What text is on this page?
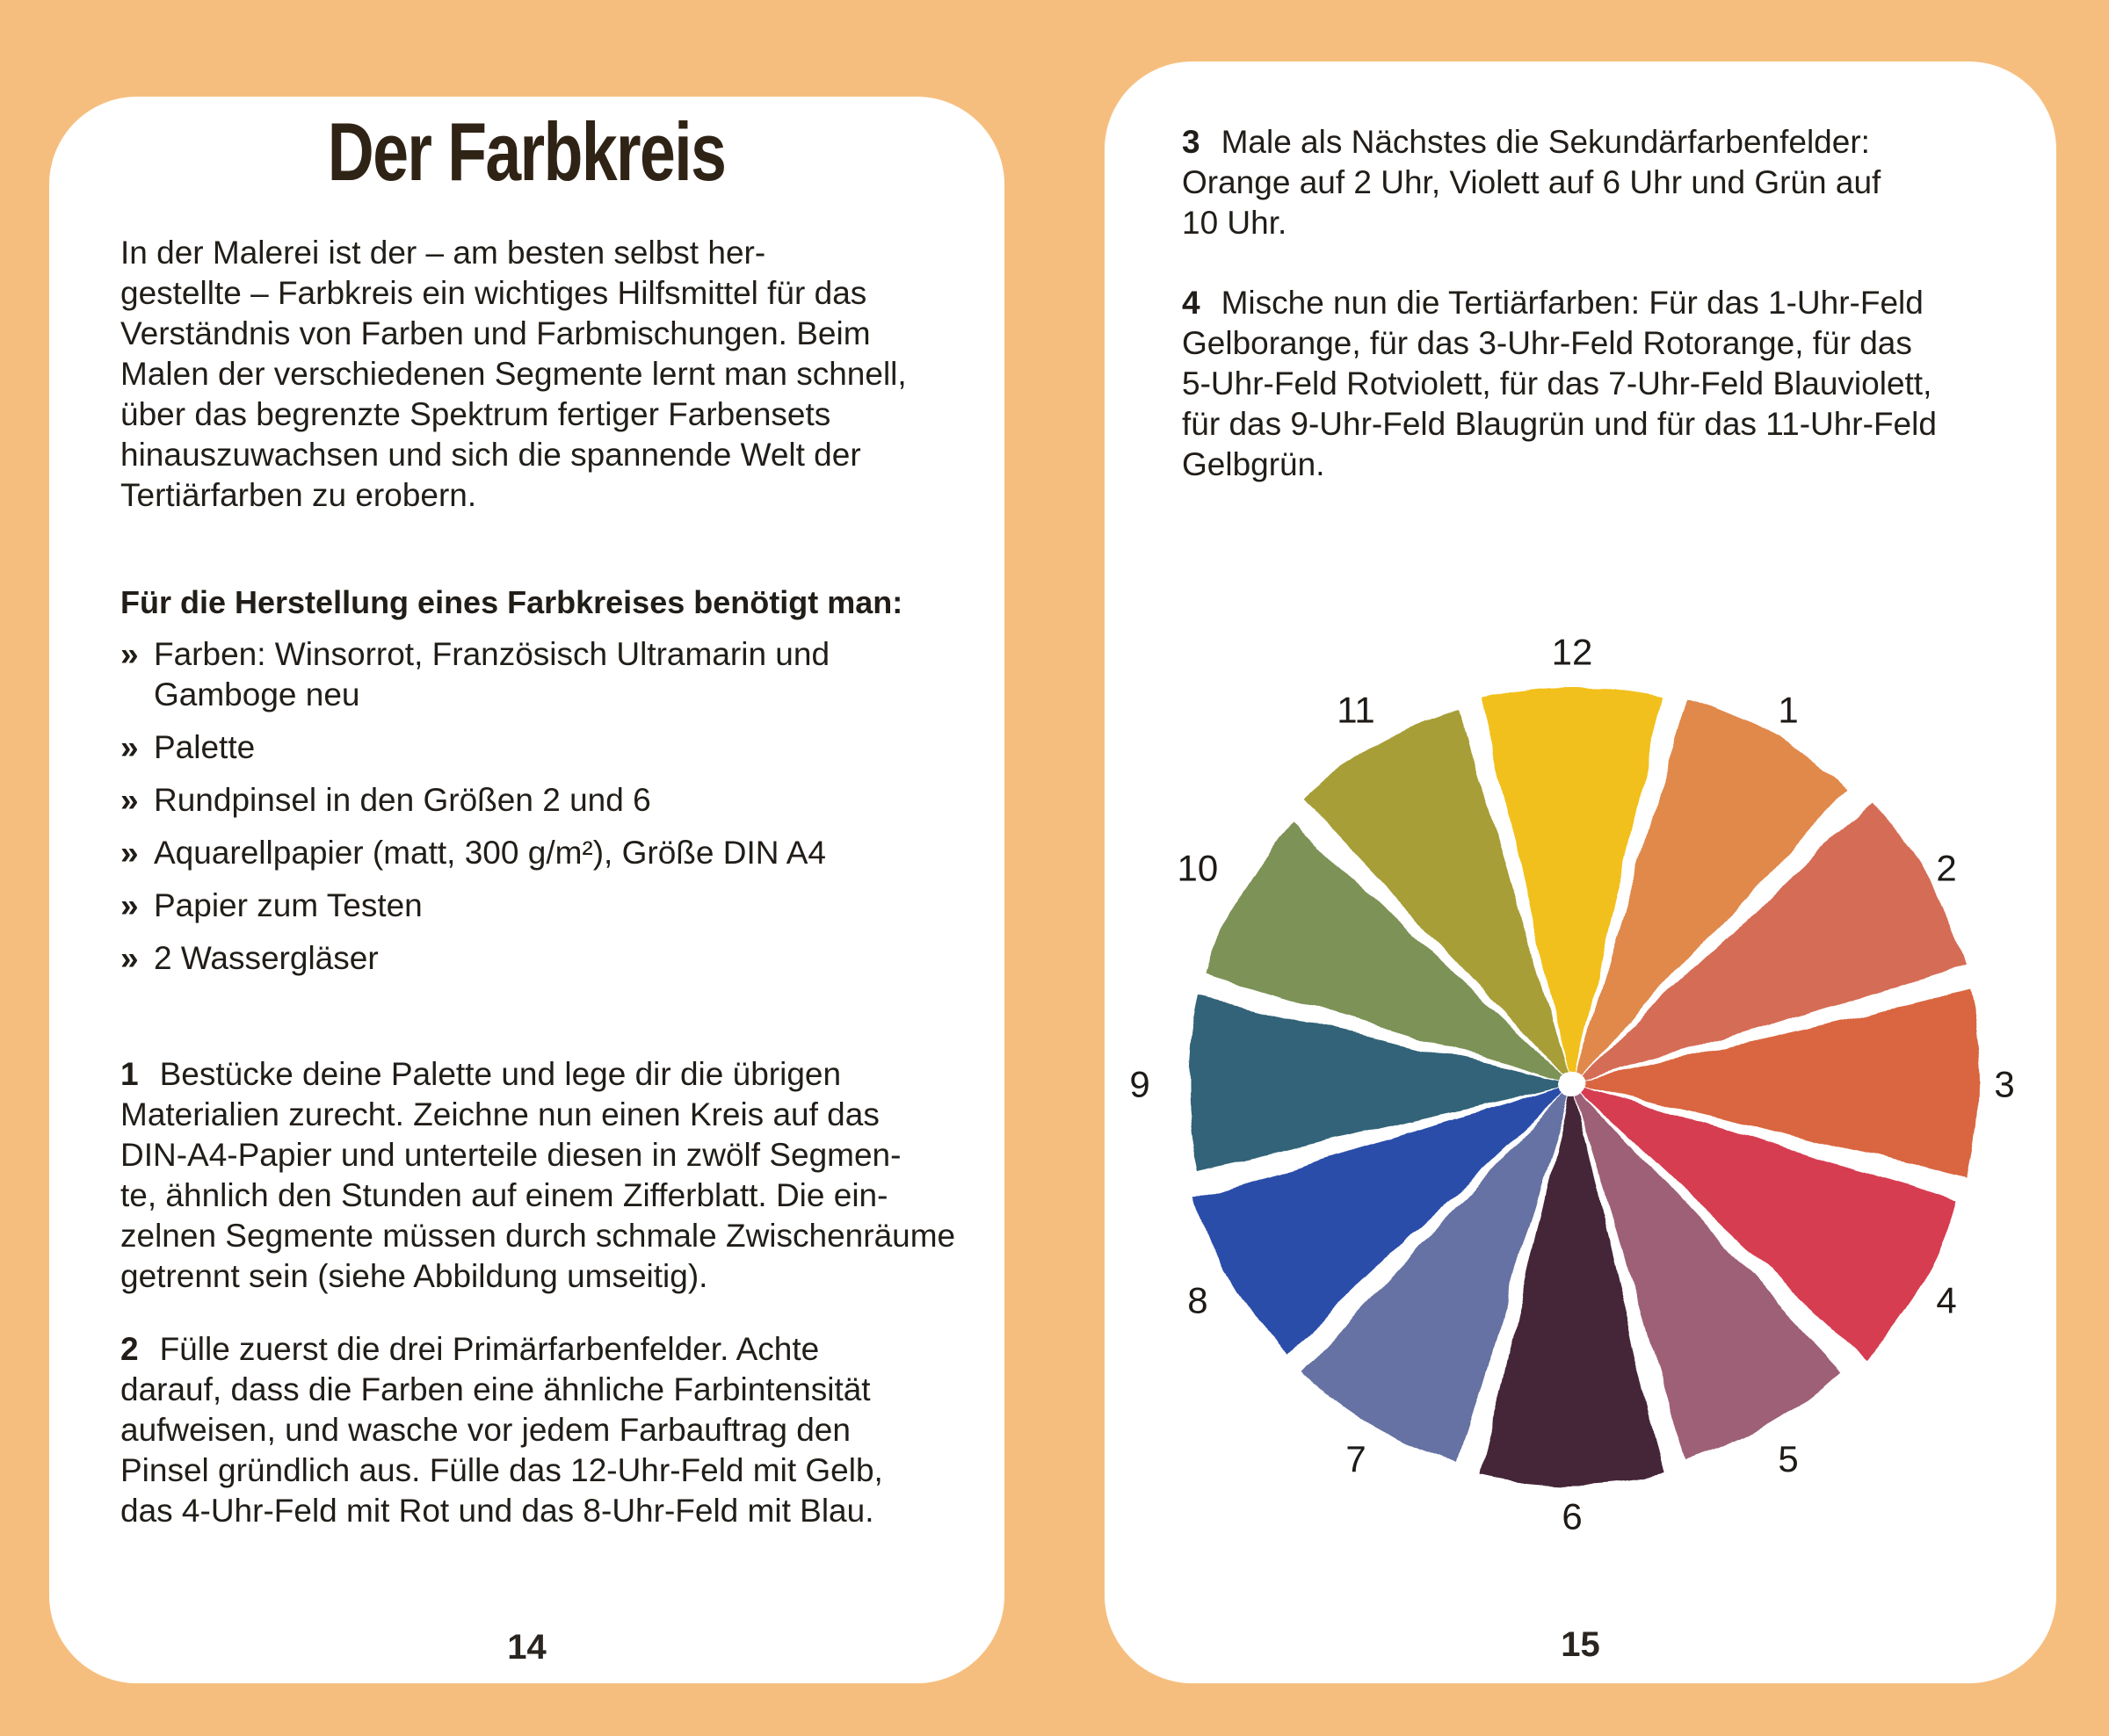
Der Farbkreis

In der Malerei ist der – am besten selbst her-
gestellte – Farbkreis ein wichtiges Hilfsmittel für das
Verständnis von Farben und Farbmischungen. Beim
Malen der verschiedenen Segmente lernt man schnell,
über das begrenzte Spektrum fertiger Farbensets
hinauszuwachsen und sich die spannende Welt der
Tertiärfarben zu erobern.

Für die Herstellung eines Farbkreises benötigt man:
» Farben: Winsorrot, Französisch Ultramarin und
Gamboge neu
» Palette
» Rundpinsel in den Größen 2 und 6
» Aquarellpapier (matt, 300 g/m²), Größe DIN A4
» Papier zum Testen
» 2 Wassergläser

1 Bestücke deine Palette und lege dir die übrigen
Materialien zurecht. Zeichne nun einen Kreis auf das
DIN-A4-Papier und unterteile diesen in zwölf Segmen-
te, ähnlich den Stunden auf einem Zifferblatt. Die ein-
zelnen Segmente müssen durch schmale Zwischenräume
getrennt sein (siehe Abbildung umseitig).

2 Fülle zuerst die drei Primärfarbenfelder. Achte
darauf, dass die Farben eine ähnliche Farbintensität
aufweisen, und wasche vor jedem Farbauftrag den
Pinsel gründlich aus. Fülle das 12-Uhr-Feld mit Gelb,
das 4-Uhr-Feld mit Rot und das 8-Uhr-Feld mit Blau.

14

3 Male als Nächstes die Sekundärfarbenfelder:
Orange auf 2 Uhr, Violett auf 6 Uhr und Grün auf
10 Uhr.

4 Mische nun die Tertiärfarben: Für das 1-Uhr-Feld
Gelborange, für das 3-Uhr-Feld Rotorange, für das
5-Uhr-Feld Rotviolett, für das 7-Uhr-Feld Blauviolett,
für das 9-Uhr-Feld Blaugrün und für das 11-Uhr-Feld
Gelbgrün.

12
1
2
3
4
5
6
7
8
9
10
11
15
